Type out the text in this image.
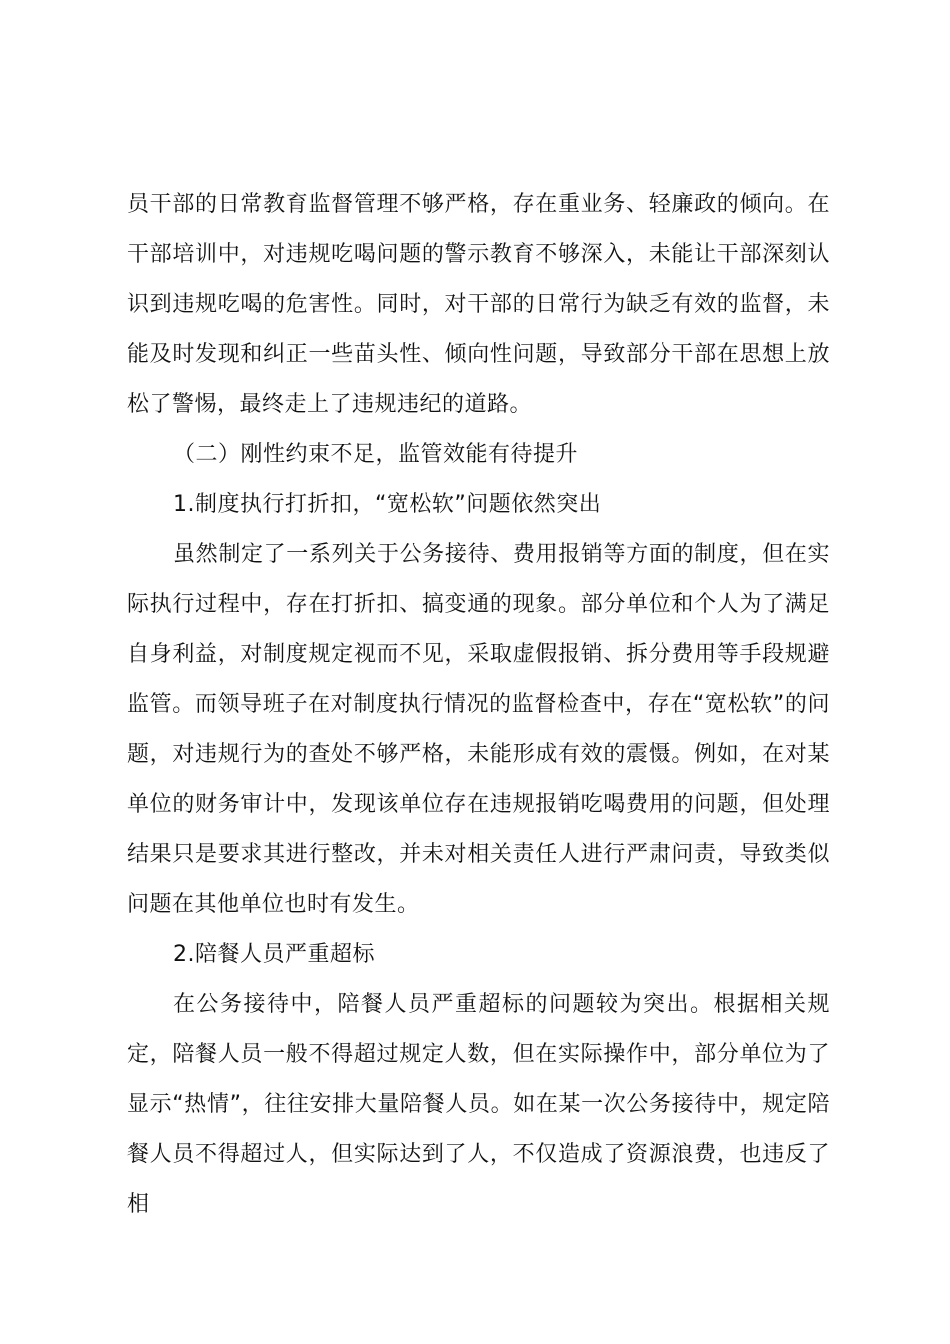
员干部的日常教育监督管理不够严格，存在重业务、轻廉政的倾向。在干部培训中，对违规吃喝问题的警示教育不够深入，未能让干部深刻认识到违规吃喝的危害性。同时，对干部的日常行为缺乏有效的监督，未能及时发现和纠正一些苗头性、倾向性问题，导致部分干部在思想上放松了警惕，最终走上了违规违纪的道路。

（二）刚性约束不足，监管效能有待提升

1.制度执行打折扣，“宽松软”问题依然突出

虽然制定了一系列关于公务接待、费用报销等方面的制度，但在实际执行过程中，存在打折扣、搞变通的现象。部分单位和个人为了满足自身利益，对制度规定视而不见，采取虚假报销、拆分费用等手段规避监管。而领导班子在对制度执行情况的监督检查中，存在“宽松软”的问题，对违规行为的查处不够严格，未能形成有效的震慑。例如，在对某单位的财务审计中，发现该单位存在违规报销吃喝费用的问题，但处理结果只是要求其进行整改，并未对相关责任人进行严肃问责，导致类似问题在其他单位也时有发生。

2.陪餐人员严重超标

在公务接待中，陪餐人员严重超标的问题较为突出。根据相关规定，陪餐人员一般不得超过规定人数，但在实际操作中，部分单位为了显示“热情”，往往安排大量陪餐人员。如在某一次公务接待中，规定陪餐人员不得超过人，但实际达到了人，不仅造成了资源浪费，也违反了相
